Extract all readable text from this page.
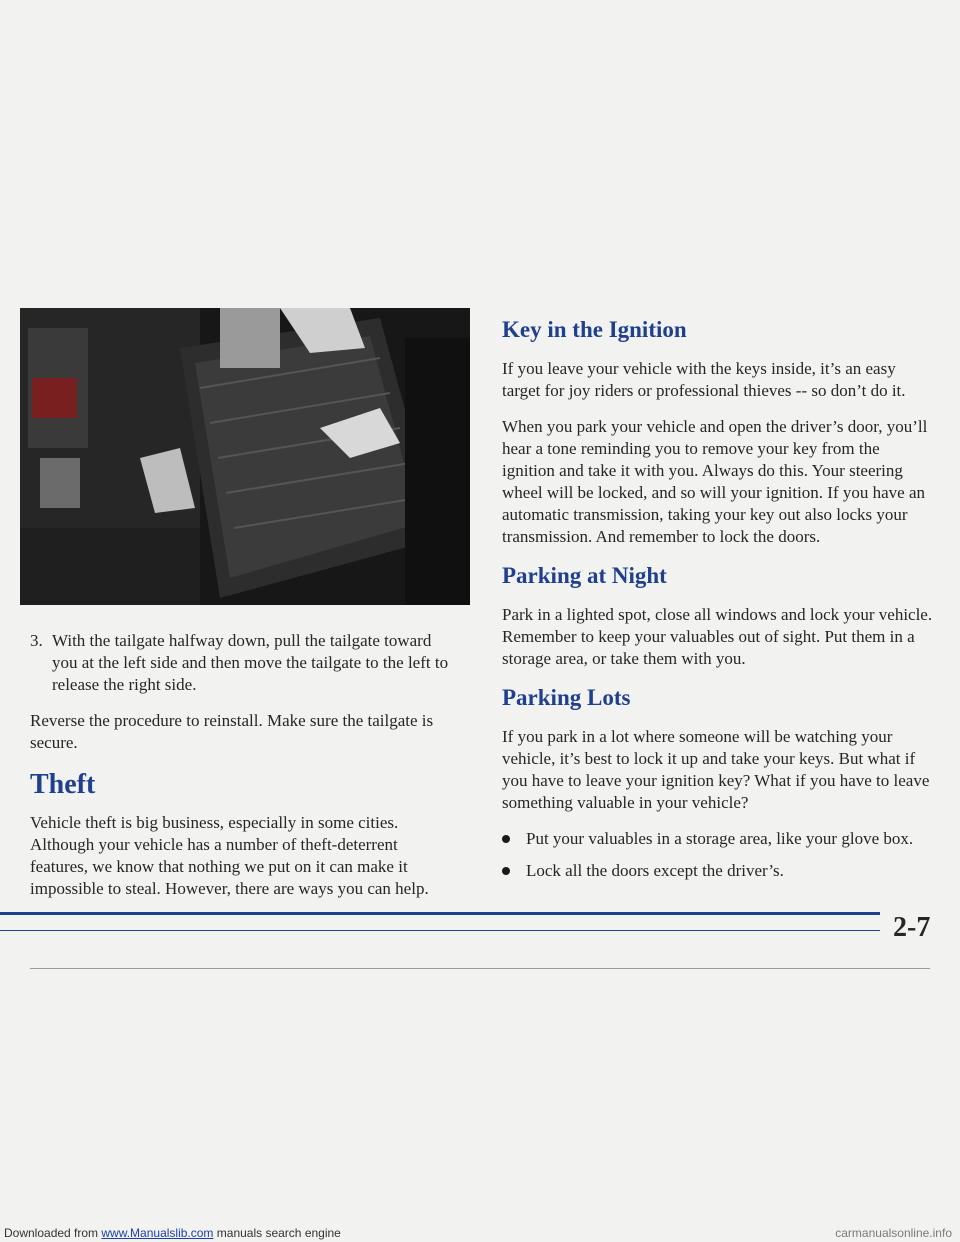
3. With the tailgate halfway down, pull the tailgate toward you at the left side and then move the tailgate to the left to release the right side.

Reverse the procedure to reinstall. Make sure the tailgate is secure.

Theft

Vehicle theft is big business, especially in some cities. Although your vehicle has a number of theft-deterrent features, we know that nothing we put on it can make it impossible to steal. However, there are ways you can help.

Key in the Ignition

If you leave your vehicle with the keys inside, it’s an easy target for joy riders or professional thieves -- so don’t do it.

When you park your vehicle and open the driver’s door, you’ll hear a tone reminding you to remove your key from the ignition and take it with you. Always do this. Your steering wheel will be locked, and so will your ignition. If you have an automatic transmission, taking your key out also locks your transmission. And remember to lock the doors.

Parking at Night

Park in a lighted spot, close all windows and lock your vehicle. Remember to keep your valuables out of sight. Put them in a storage area, or take them with you.

Parking Lots

If you park in a lot where someone will be watching your vehicle, it’s best to lock it up and take your keys. But what if you have to leave your ignition key? What if you have to leave something valuable in your vehicle?

Put your valuables in a storage area, like your glove box.
Lock all the doors except the driver’s.
2-7
Downloaded from www.Manualslib.com manuals search engine	carmanualsonline.info
